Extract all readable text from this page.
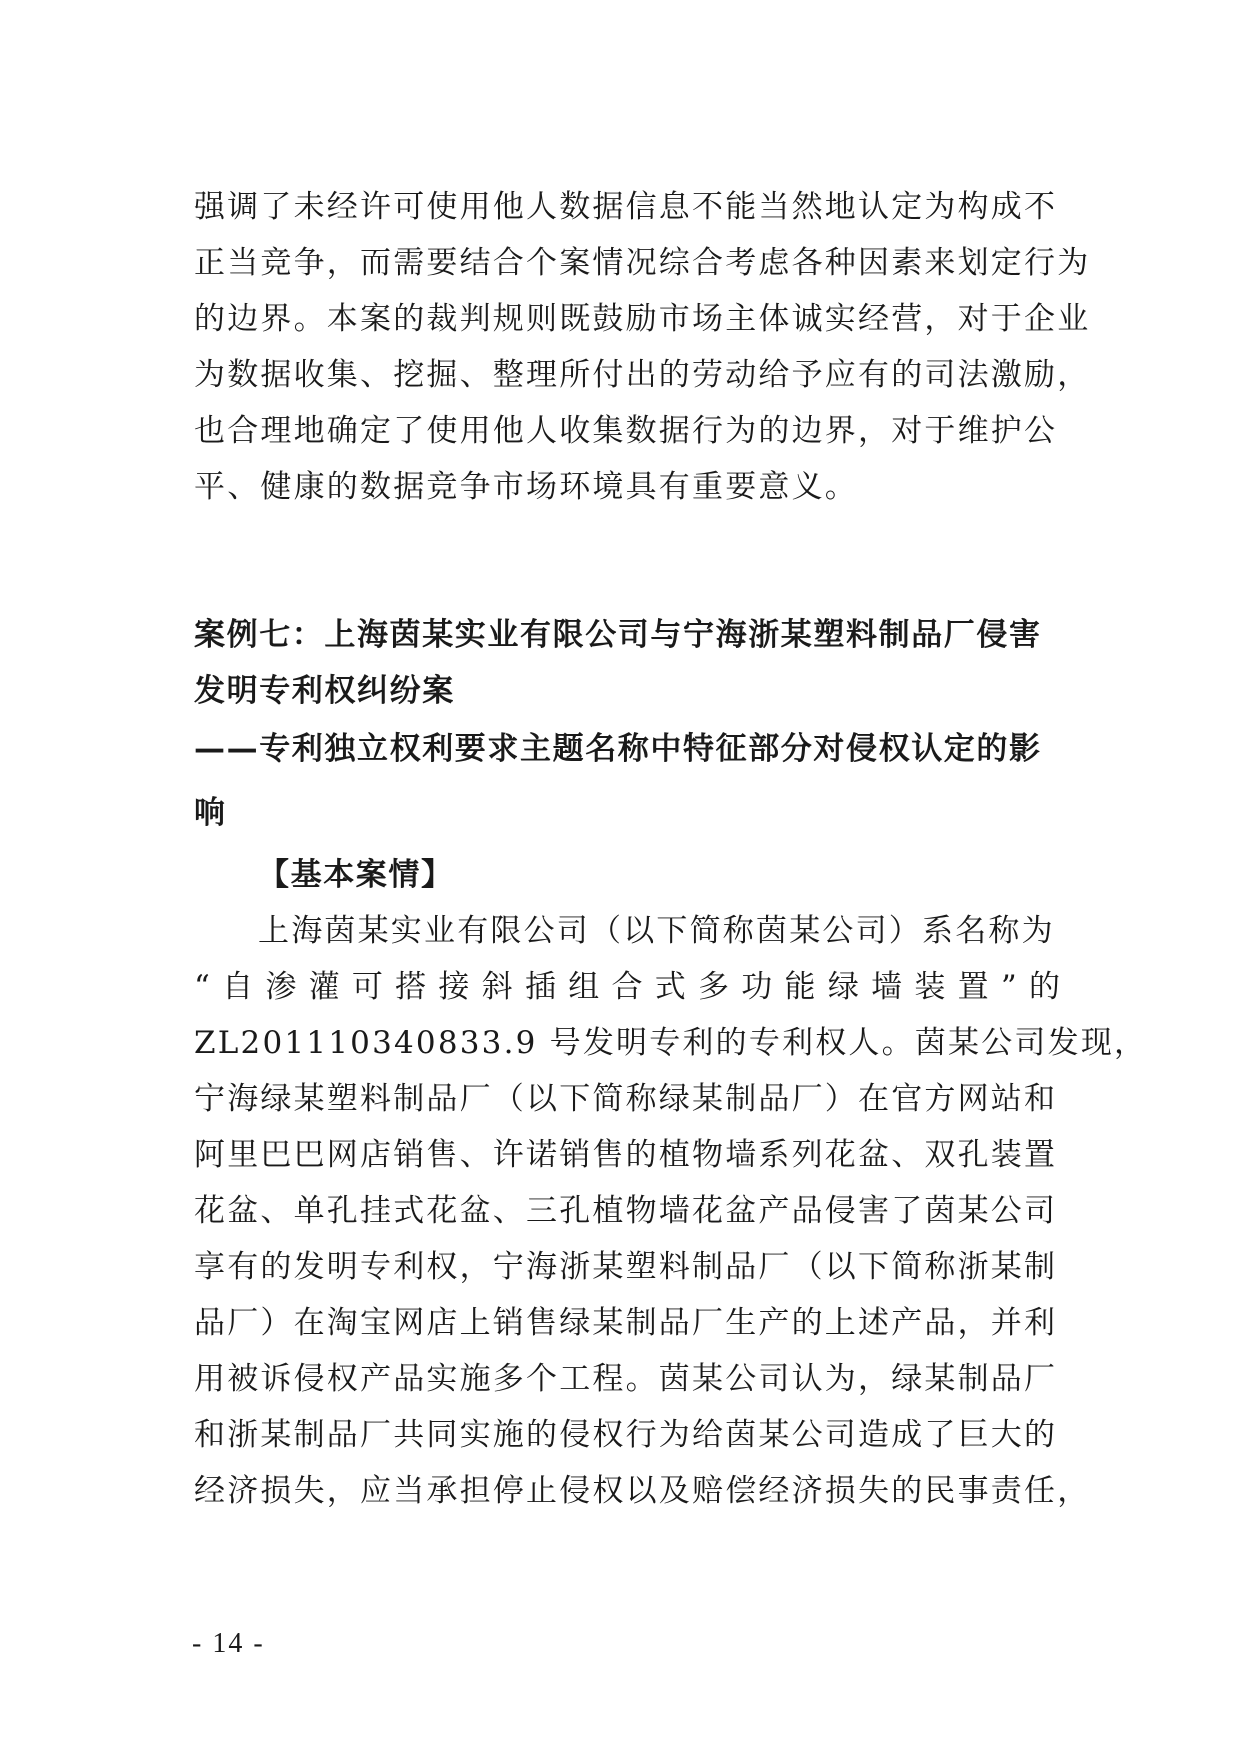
强调了未经许可使用他人数据信息不能当然地认定为构成不
正当竞争，而需要结合个案情况综合考虑各种因素来划定行为
的边界。本案的裁判规则既鼓励市场主体诚实经营，对于企业
为数据收集、挖掘、整理所付出的劳动给予应有的司法激励，
也合理地确定了使用他人收集数据行为的边界，对于维护公
平、健康的数据竞争市场环境具有重要意义。
案例七：上海茵某实业有限公司与宁海浙某塑料制品厂侵害
发明专利权纠纷案
——专利独立权利要求主题名称中特征部分对侵权认定的影
响
【基本案情】
上海茵某实业有限公司（以下简称茵某公司）系名称为
“自渗灌可搭接斜插组合式多功能绿墙装置”的
ZL201110340833.9 号发明专利的专利权人。茵某公司发现，
宁海绿某塑料制品厂（以下简称绿某制品厂）在官方网站和
阿里巴巴网店销售、许诺销售的植物墙系列花盆、双孔装置
花盆、单孔挂式花盆、三孔植物墙花盆产品侵害了茵某公司
享有的发明专利权，宁海浙某塑料制品厂（以下简称浙某制
品厂）在淘宝网店上销售绿某制品厂生产的上述产品，并利
用被诉侵权产品实施多个工程。茵某公司认为，绿某制品厂
和浙某制品厂共同实施的侵权行为给茵某公司造成了巨大的
经济损失，应当承担停止侵权以及赔偿经济损失的民事责任，
- 14 -
